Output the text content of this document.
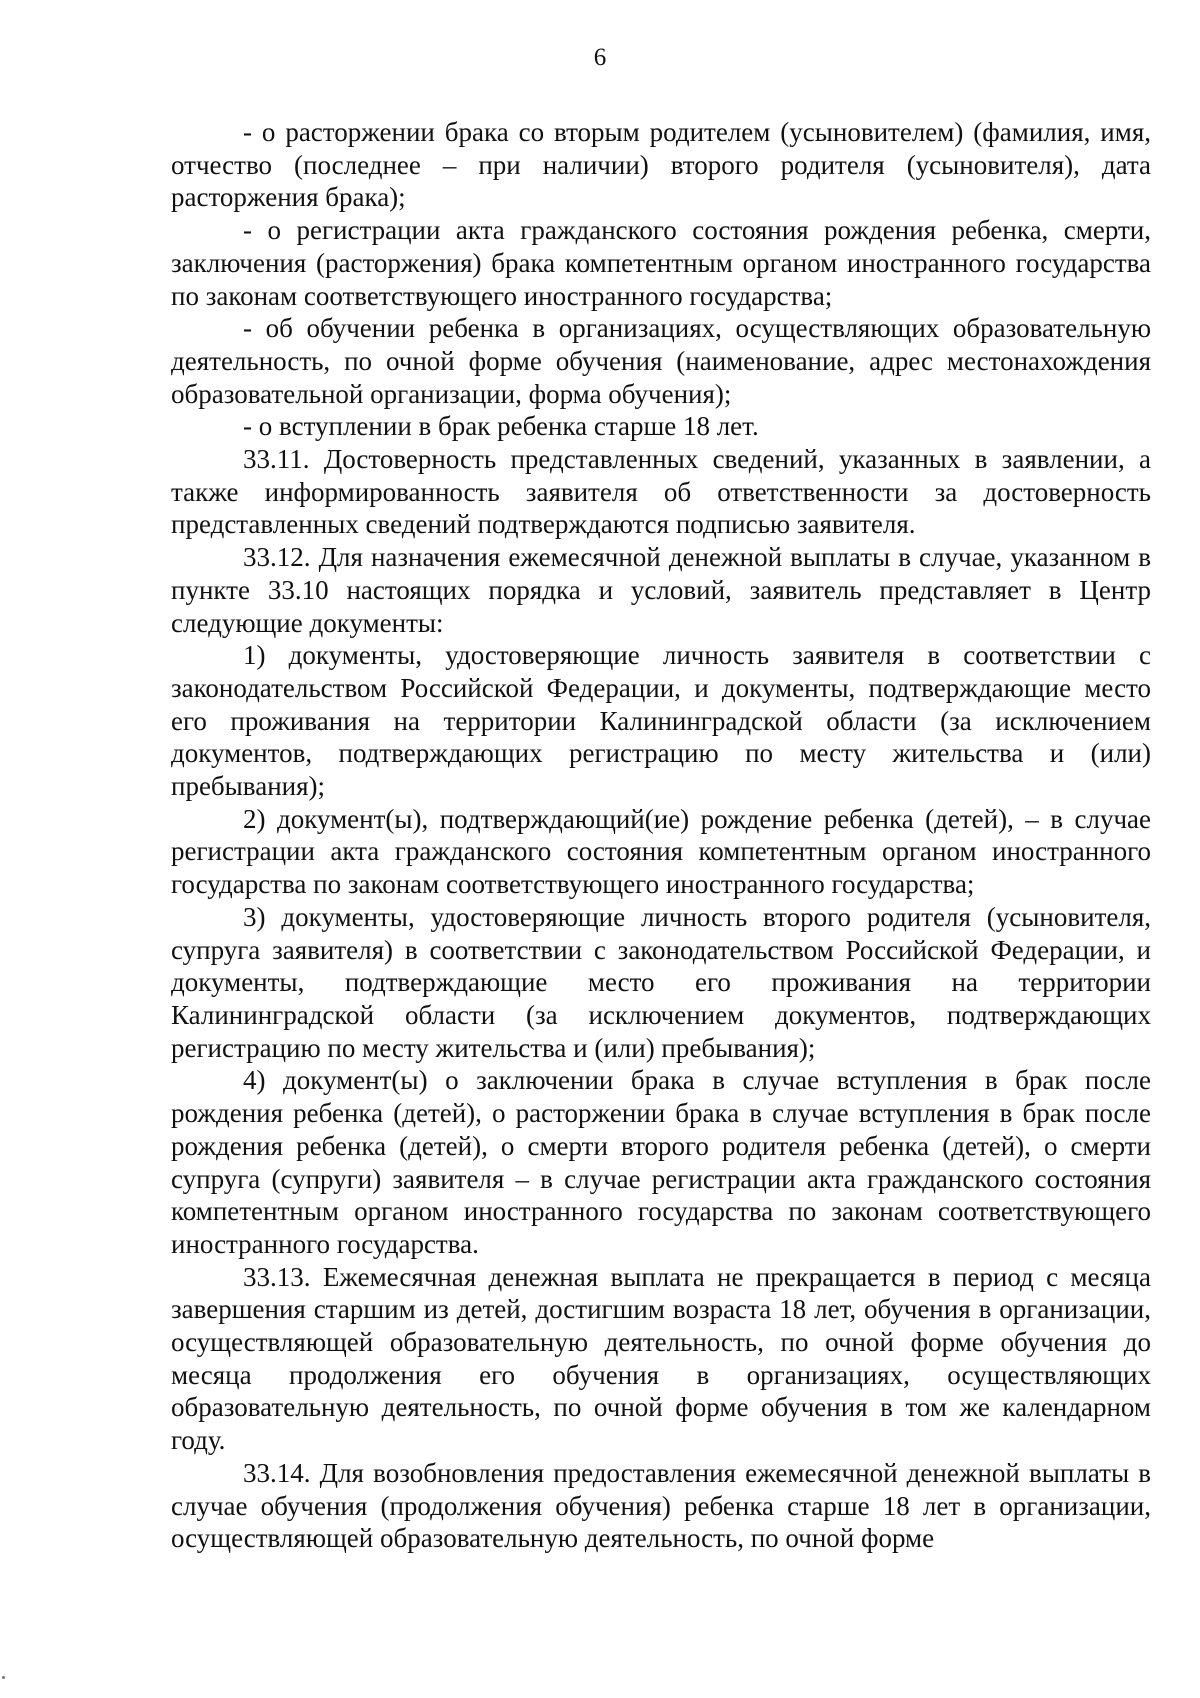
6

- о расторжении брака со вторым родителем (усыновителем) (фамилия, имя, отчество (последнее – при наличии) второго родителя (усыновителя), дата расторжения брака);

- о регистрации акта гражданского состояния рождения ребенка, смерти, заключения (расторжения) брака компетентным органом иностранного государства по законам соответствующего иностранного государства;

- об обучении ребенка в организациях, осуществляющих образовательную деятельность, по очной форме обучения (наименование, адрес местонахождения образовательной организации, форма обучения);

- о вступлении в брак ребенка старше 18 лет.

33.11. Достоверность представленных сведений, указанных в заявлении, а также информированность заявителя об ответственности за достоверность представленных сведений подтверждаются подписью заявителя.

33.12. Для назначения ежемесячной денежной выплаты в случае, указанном в пункте 33.10 настоящих порядка и условий, заявитель представляет в Центр следующие документы:

1) документы, удостоверяющие личность заявителя в соответствии с законодательством Российской Федерации, и документы, подтверждающие место его проживания на территории Калининградской области (за исключением документов, подтверждающих регистрацию по месту жительства и (или) пребывания);

2) документ(ы), подтверждающий(ие) рождение ребенка (детей), – в случае регистрации акта гражданского состояния компетентным органом иностранного государства по законам соответствующего иностранного государства;

3) документы, удостоверяющие личность второго родителя (усыновителя, супруга заявителя) в соответствии с законодательством Российской Федерации, и документы, подтверждающие место его проживания на территории Калининградской области (за исключением документов, подтверждающих регистрацию по месту жительства и (или) пребывания);

4) документ(ы) о заключении брака в случае вступления в брак после рождения ребенка (детей), о расторжении брака в случае вступления в брак после рождения ребенка (детей), о смерти второго родителя ребенка (детей), о смерти супруга (супруги) заявителя – в случае регистрации акта гражданского состояния компетентным органом иностранного государства по законам соответствующего иностранного государства.

33.13. Ежемесячная денежная выплата не прекращается в период с месяца завершения старшим из детей, достигшим возраста 18 лет, обучения в организации, осуществляющей образовательную деятельность, по очной форме обучения до месяца продолжения его обучения в организациях, осуществляющих образовательную деятельность, по очной форме обучения в том же календарном году.

33.14. Для возобновления предоставления ежемесячной денежной выплаты в случае обучения (продолжения обучения) ребенка старше 18 лет в организации, осуществляющей образовательную деятельность, по очной форме
